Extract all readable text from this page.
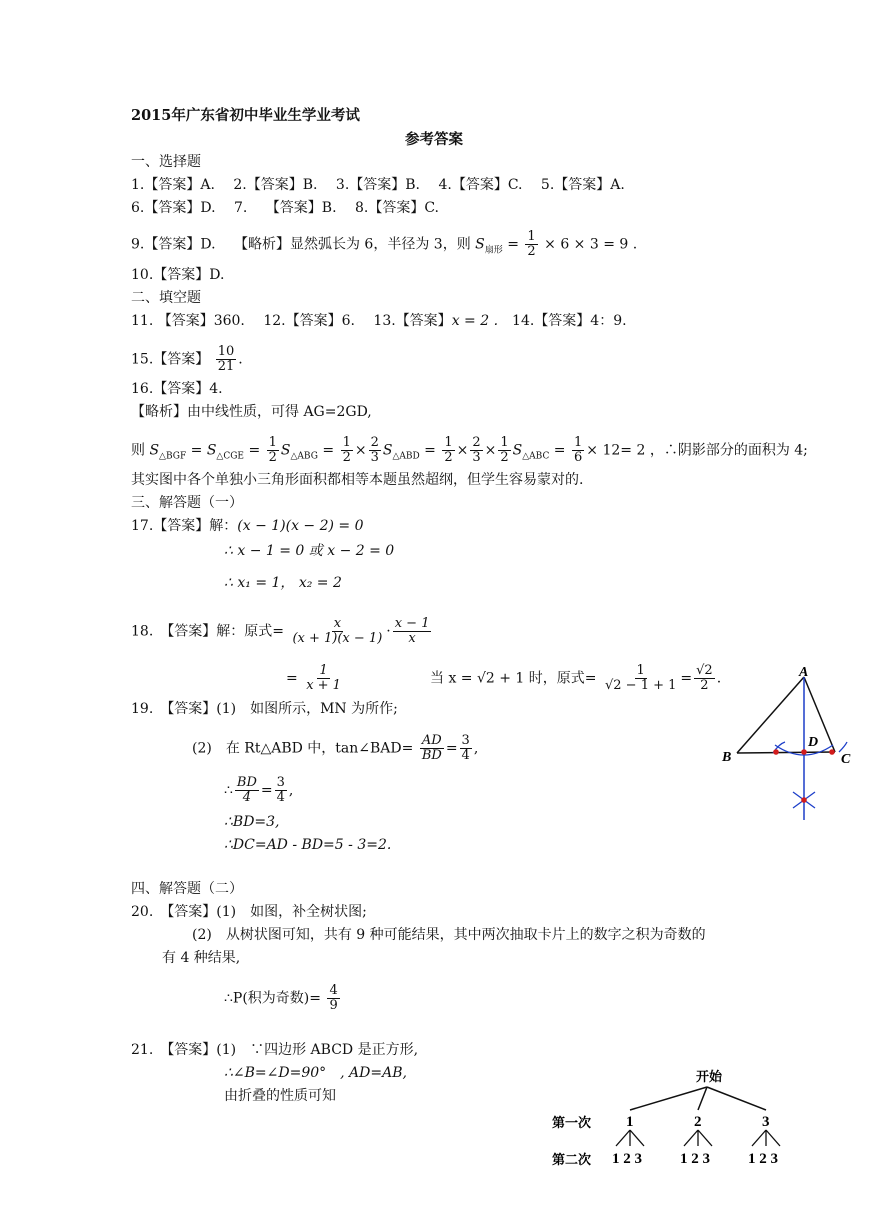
2015年广东省初中毕业生学业考试
参考答案
一、选择题
1.【答案】A.　 2.【答案】B.　 3.【答案】B.　 4.【答案】C.　 5.【答案】A.
6.【答案】D.　 7.　 【答案】B.　 8.【答案】C.
9.【答案】D.　 【略析】显然弧长为 6，半径为 3，则 $S_{扇形} = \frac{1}{2} \times 6 \times 3 = 9$ .
10.【答案】D.
二、填空题
11. 【答案】360.　 12.【答案】6.　 13.【答案】x = 2 .　14.【答案】4：9.
15.【答案】 $\frac{10}{21}$ .
16.【答案】4.
【略析】由中线性质，可得 AG=2GD,
则 $S_{\triangle BGF} = S_{\triangle CGE} = \frac{1}{2} S_{\triangle ABG} = \frac{1}{2} \times \frac{2}{3} S_{\triangle ABD} = \frac{1}{2} \times \frac{2}{3} \times \frac{1}{2} S_{\triangle ABC} = \frac{1}{6} \times 12= 2$ ，∴阴影部分的面积为 4;
其实图中各个单独小三角形面积都相等本题虽然超纲，但学生容易蒙对的.
三、解答题（一）
17.【答案】解：(x − 1)(x − 2) = 0
∴ x − 1 = 0 或 x − 2 = 0
∴ x₁ = 1， x₂ = 2
18.　【答案】解：原式= $\frac{x}{(x + 1)(x - 1)} \cdot \frac{x - 1}{x}$
= $\frac{1}{x + 1}$	当 x = √2 + 1 时，原式= $\frac{1}{√2 - 1 + 1} = \frac{√2}{2}$ .
19.　【答案】(1)　如图所示，MN 为所作;
(2)　在 Rt△ABD 中，tan∠BAD= $\frac{AD}{BD} = \frac{3}{4}$ ,
∴ $\frac{BD}{4} = \frac{3}{4}$ ,
∴BD=3,
∴DC=AD - BD=5 - 3=2.
A
B	C
D
四、解答题（二）
20.　【答案】(1)　如图，补全树状图;
(2)　从树状图可知，共有 9 种可能结果，其中两次抽取卡片上的数字之积为奇数的
有 4 种结果,
∴P(积为奇数)= $\frac{4}{9}$
21.　【答案】(1)　∵四边形 ABCD 是正方形,
∴∠B=∠D=90°　, AD=AB,
由折叠的性质可知
开始
第一次
第二次
1	2	3
1 2 3	1 2 3	1 2 3
